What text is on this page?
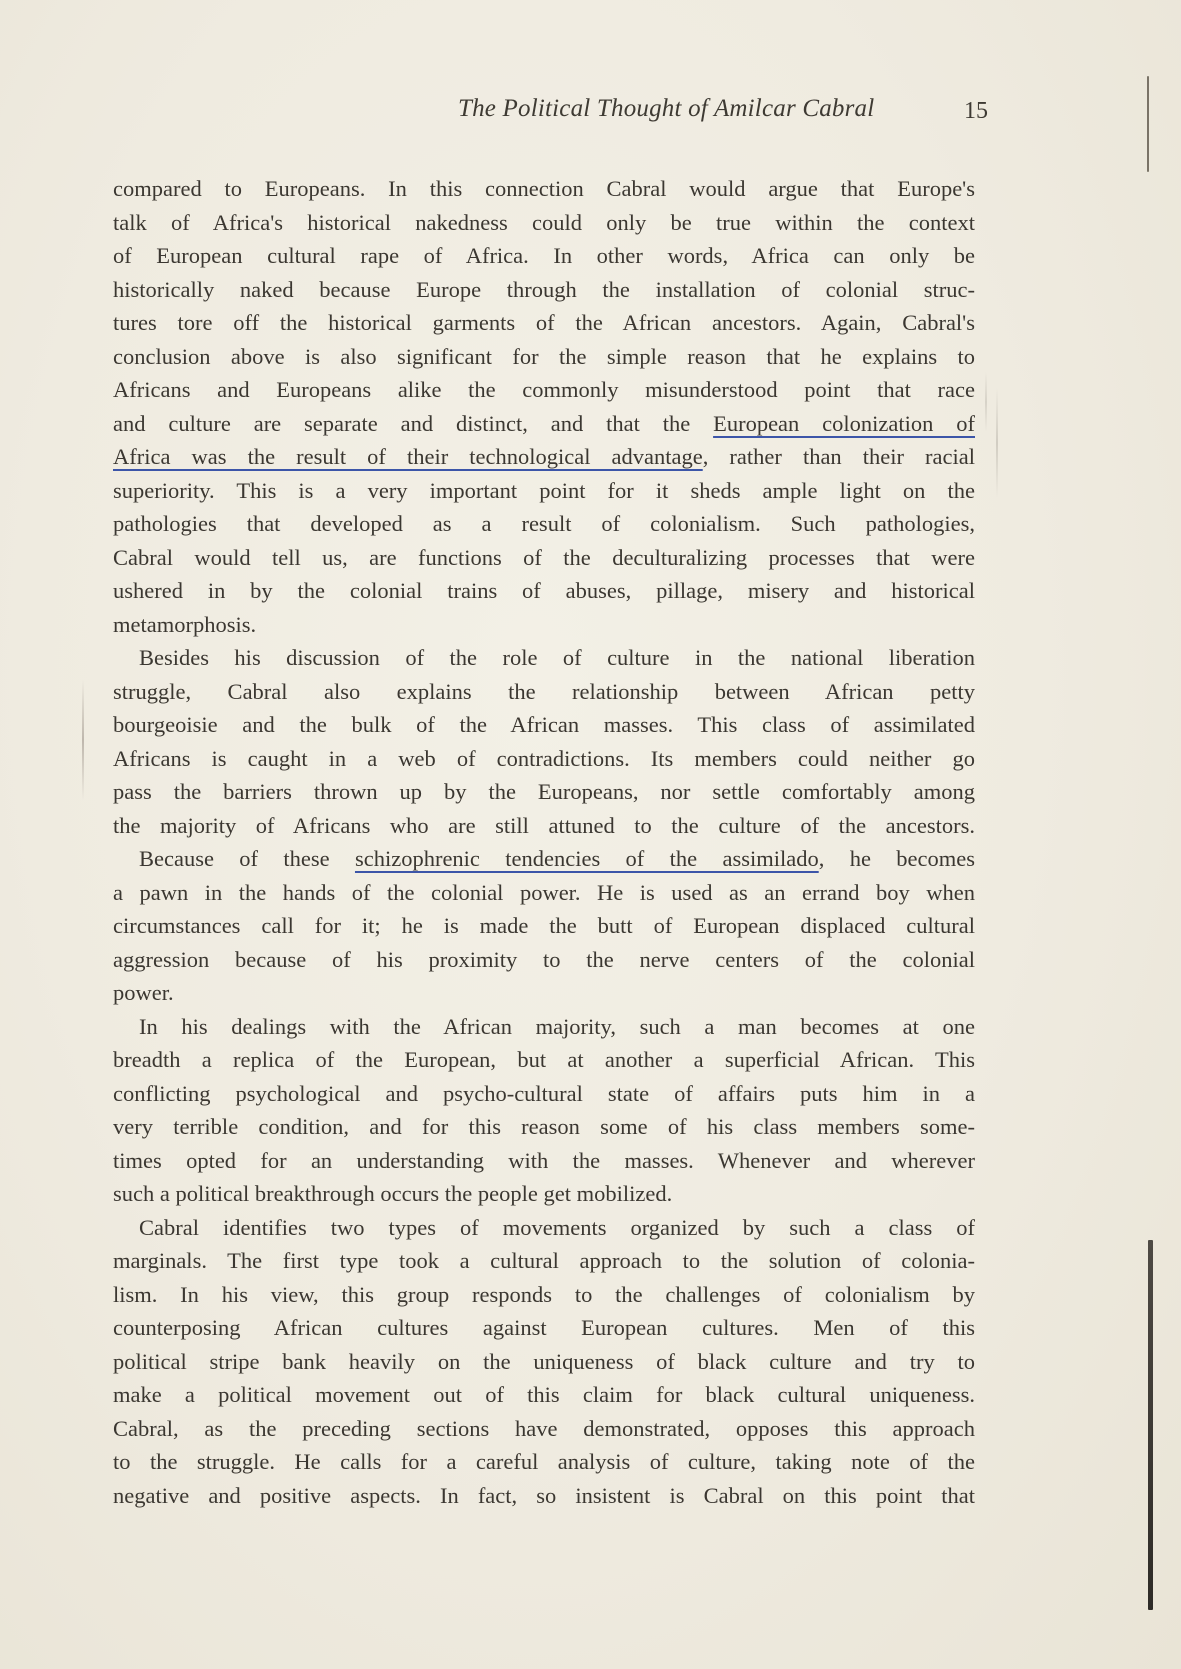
The Political Thought of Amilcar Cabral	15
compared to Europeans. In this connection Cabral would argue that Europe's
talk of Africa's historical nakedness could only be true within the context
of European cultural rape of Africa. In other words, Africa can only be
historically naked because Europe through the installation of colonial struc-
tures tore off the historical garments of the African ancestors. Again, Cabral's
conclusion above is also significant for the simple reason that he explains to
Africans and Europeans alike the commonly misunderstood point that race
and culture are separate and distinct, and that the European colonization of
Africa was the result of their technological advantage, rather than their racial
superiority. This is a very important point for it sheds ample light on the
pathologies that developed as a result of colonialism. Such pathologies,
Cabral would tell us, are functions of the deculturalizing processes that were
ushered in by the colonial trains of abuses, pillage, misery and historical
metamorphosis.
Besides his discussion of the role of culture in the national liberation
struggle, Cabral also explains the relationship between African petty
bourgeoisie and the bulk of the African masses. This class of assimilated
Africans is caught in a web of contradictions. Its members could neither go
pass the barriers thrown up by the Europeans, nor settle comfortably among
the majority of Africans who are still attuned to the culture of the ancestors.
Because of these schizophrenic tendencies of the assimilado, he becomes
a pawn in the hands of the colonial power. He is used as an errand boy when
circumstances call for it; he is made the butt of European displaced cultural
aggression because of his proximity to the nerve centers of the colonial
power.
In his dealings with the African majority, such a man becomes at one
breadth a replica of the European, but at another a superficial African. This
conflicting psychological and psycho-cultural state of affairs puts him in a
very terrible condition, and for this reason some of his class members some-
times opted for an understanding with the masses. Whenever and wherever
such a political breakthrough occurs the people get mobilized.
Cabral identifies two types of movements organized by such a class of
marginals. The first type took a cultural approach to the solution of colonia-
lism. In his view, this group responds to the challenges of colonialism by
counterposing African cultures against European cultures. Men of this
political stripe bank heavily on the uniqueness of black culture and try to
make a political movement out of this claim for black cultural uniqueness.
Cabral, as the preceding sections have demonstrated, opposes this approach
to the struggle. He calls for a careful analysis of culture, taking note of the
negative and positive aspects. In fact, so insistent is Cabral on this point that
